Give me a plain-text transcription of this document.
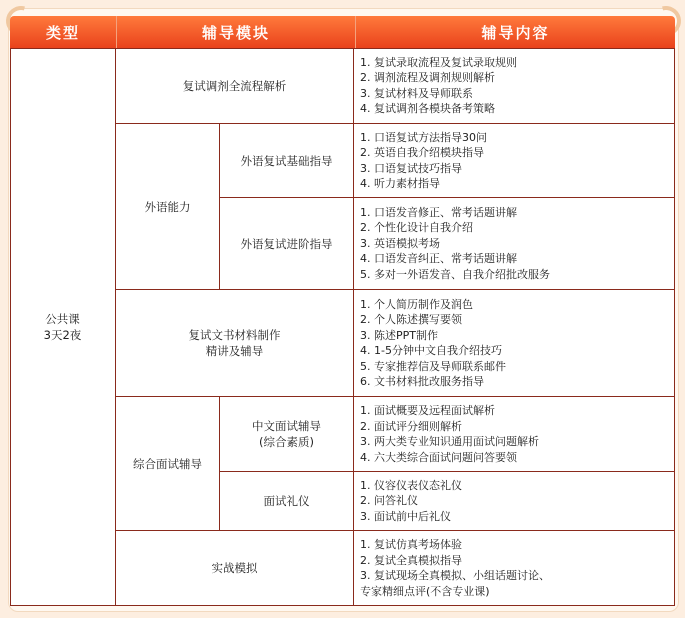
类型	辅导模块	辅导内容
公共课
3天2夜
复试调剂全流程解析
1. 复试录取流程及复试录取规则
2. 调剂流程及调剂规则解析
3. 复试材料及导师联系
4. 复试调剂各模块备考策略
外语能力
外语复试基础指导
1. 口语复试方法指导30问
2. 英语自我介绍模块指导
3. 口语复试技巧指导
4. 听力素材指导
外语复试进阶指导
1. 口语发音修正、常考话题讲解
2. 个性化设计自我介绍
3. 英语模拟考场
4. 口语发音纠正、常考话题讲解
5. 多对一外语发音、自我介绍批改服务
复试文书材料制作
精讲及辅导
1. 个人简历制作及润色
2. 个人陈述撰写要领
3. 陈述PPT制作
4. 1-5分钟中文自我介绍技巧
5. 专家推荐信及导师联系邮件
6. 文书材料批改服务指导
综合面试辅导
中文面试辅导
(综合素质)
1. 面试概要及远程面试解析
2. 面试评分细则解析
3. 两大类专业知识通用面试问题解析
4. 六大类综合面试问题问答要领
面试礼仪
1. 仪容仪表仪态礼仪
2. 问答礼仪
3. 面试前中后礼仪
实战模拟
1. 复试仿真考场体验
2. 复试全真模拟指导
3. 复试现场全真模拟、小组话题讨论、
专家精细点评(不含专业课)
